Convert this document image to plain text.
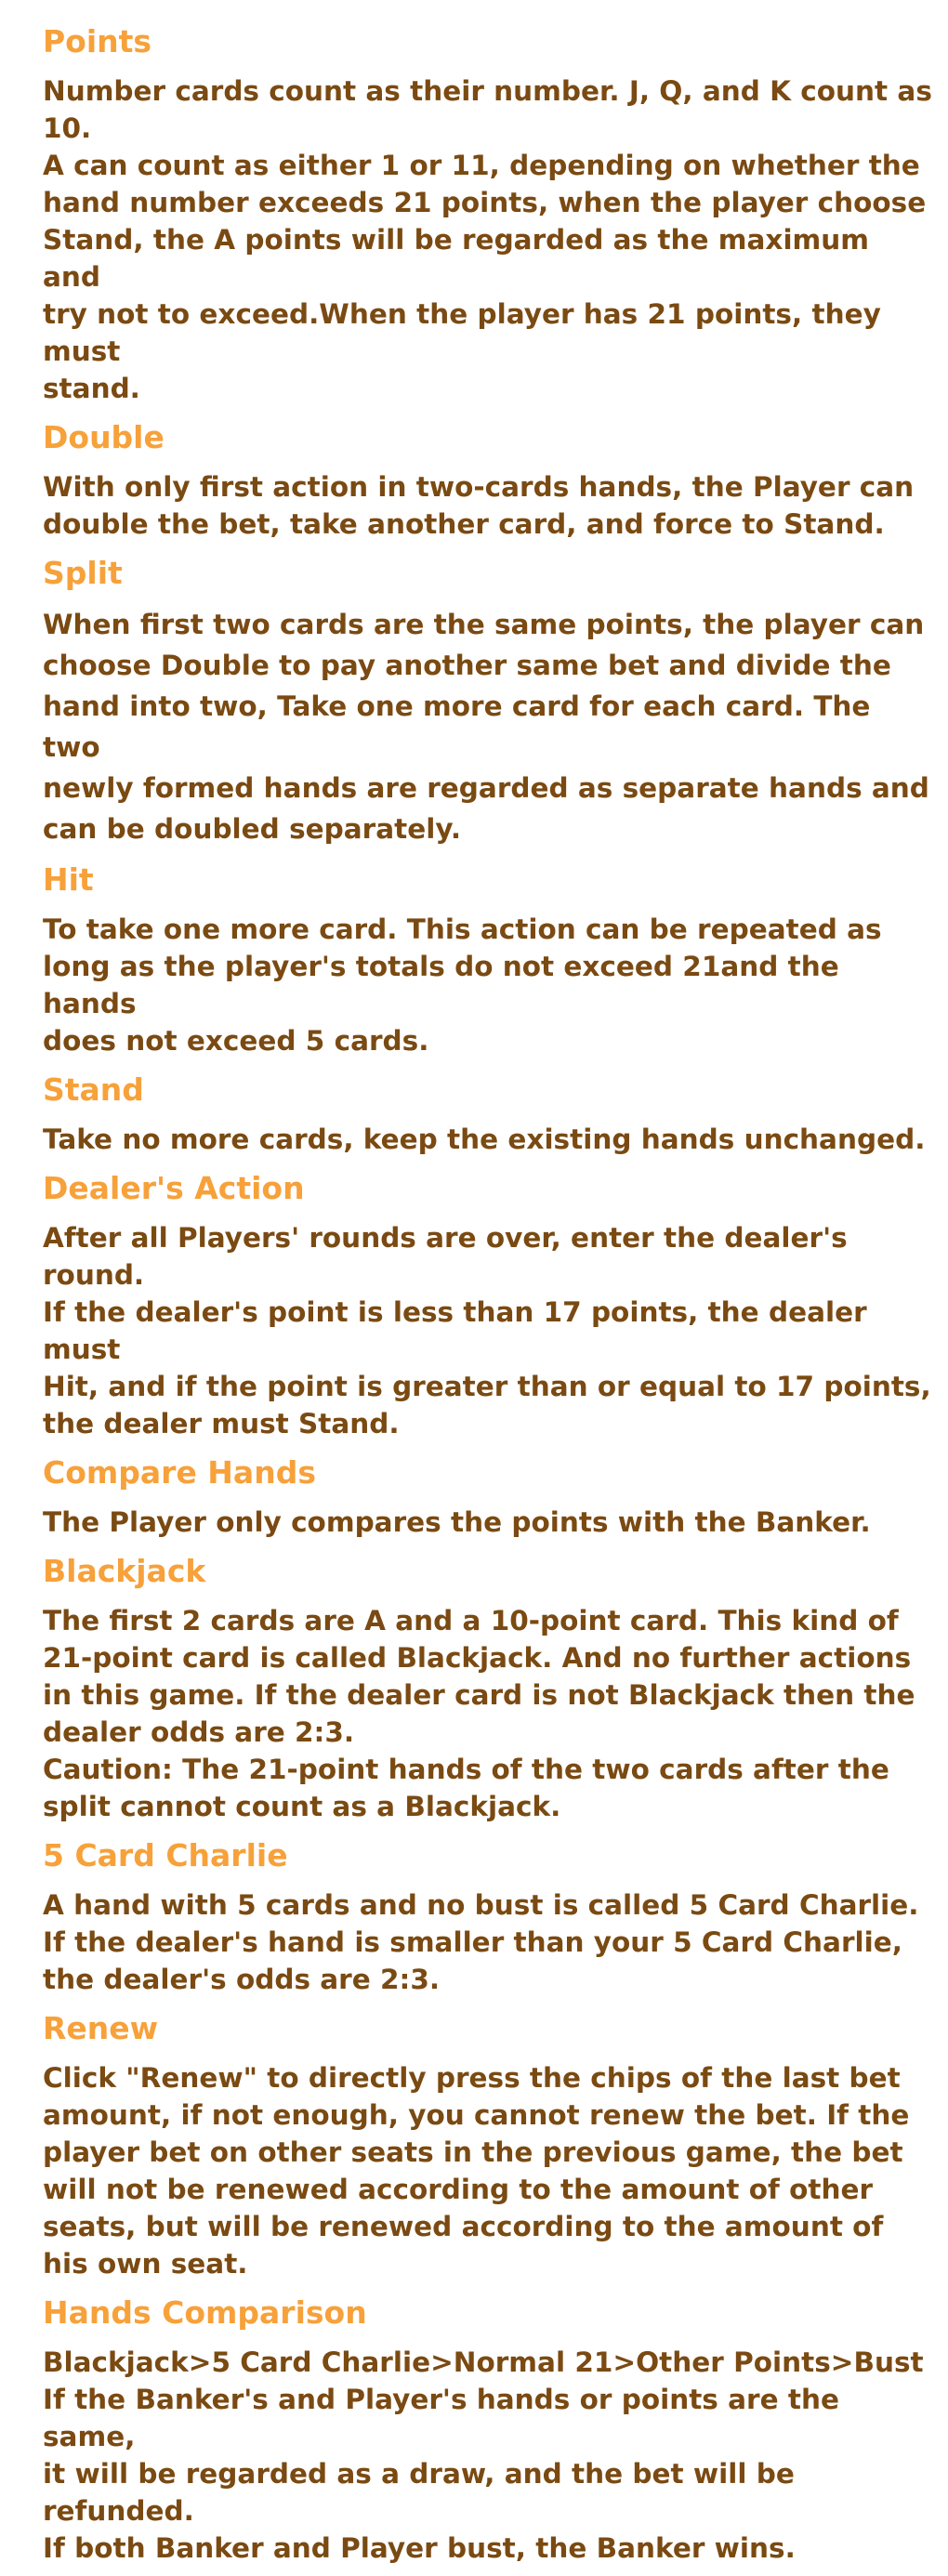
Points
Number cards count as their number. J, Q, and K count as 10.
A can count as either 1 or 11, depending on whether the
hand number exceeds 21 points, when the player choose
Stand, the A points will be regarded as the maximum and
try not to exceed.When the player has 21 points, they must
stand.
Double
With only first action in two-cards hands, the Player can
double the bet, take another card, and force to Stand.
Split
When first two cards are the same points, the player can
choose Double to pay another same bet and divide the
hand into two, Take one more card for each card. The two
newly formed hands are regarded as separate hands and
can be doubled separately.
Hit
To take one more card. This action can be repeated as
long as the player's totals do not exceed 21and the hands
does not exceed 5 cards.
Stand
Take no more cards, keep the existing hands unchanged.
Dealer's Action
After all Players' rounds are over, enter the dealer's round.
If the dealer's point is less than 17 points, the dealer must
Hit, and if the point is greater than or equal to 17 points,
the dealer must Stand.
Compare Hands
The Player only compares the points with the Banker.
Blackjack
The first 2 cards are A and a 10-point card. This kind of
21-point card is called Blackjack. And no further actions
in this game. If the dealer card is not Blackjack then the
dealer odds are 2:3.
Caution: The 21-point hands of the two cards after the
split cannot count as a Blackjack.
5 Card Charlie
A hand with 5 cards and no bust is called 5 Card Charlie.
If the dealer's hand is smaller than your 5 Card Charlie,
the dealer's odds are 2:3.
Renew
Click "Renew" to directly press the chips of the last bet
amount, if not enough, you cannot renew the bet. If the
player bet on other seats in the previous game, the bet
will not be renewed according to the amount of other
seats, but will be renewed according to the amount of
his own seat.
Hands Comparison
Blackjack>5 Card Charlie>Normal 21>Other Points>Bust
If the Banker's and Player's hands or points are the same,
it will be regarded as a draw, and the bet will be refunded.
If both Banker and Player bust, the Banker wins.
